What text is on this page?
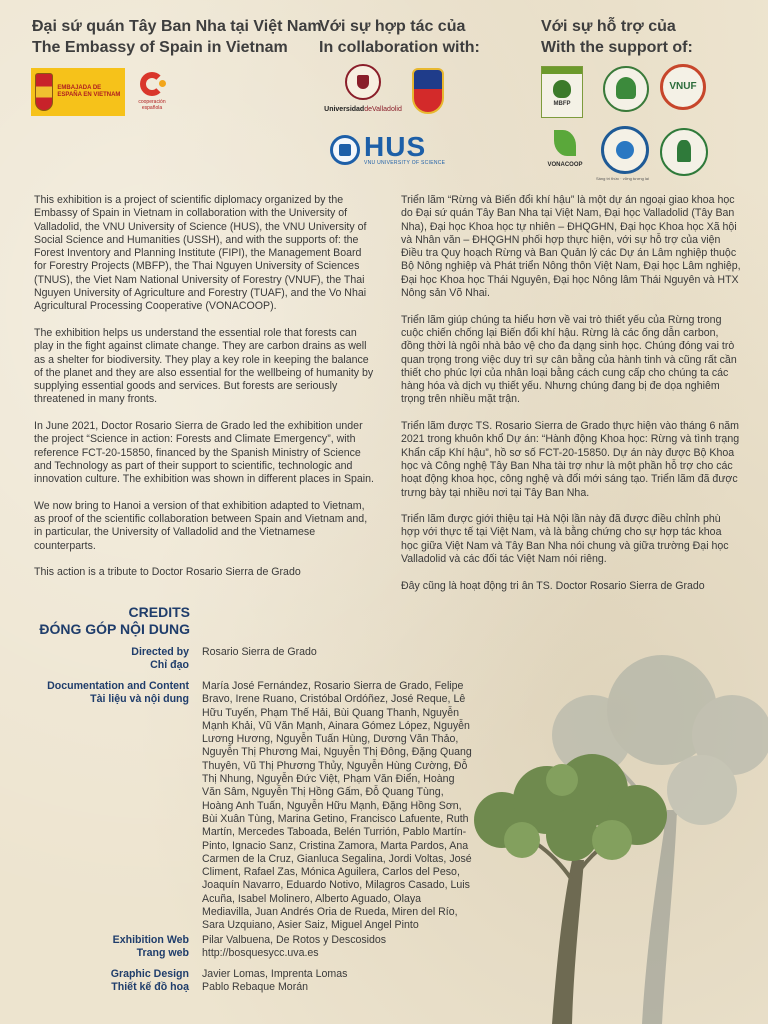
Đại sứ quán Tây Ban Nha tại Việt Nam
The Embassy of Spain in Vietnam
Với sự hợp tác của
In collaboration with:
Với sự hỗ trợ của
With the support of:
EMBAJADA DE ESPAÑA EN VIETNAM
cooperación española	UniversidaddeValladolid
HUS
VNU UNIVERSITY OF SCIENCE
MBFP
VNUF
VONACOOP
Sáng trí thức · vững tương lai

This exhibition is a project of scientific diplomacy organized by the Embassy of Spain in Vietnam in collaboration with the University of Valladolid, the VNU University of Science (HUS), the VNU University of Social Science and Humanities (USSH), and with the supports of: the Forest Inventory and Planning Institute (FIPI), the Management Board for Forestry Projects (MBFP), the Thai Nguyen University of Sciences (TNUS), the Viet Nam National University of Forestry (VNUF), the Thai Nguyen University of Agriculture and Forestry (TUAF), and the Vo Nhai Agricultural Processing Cooperative (VONACOOP).

The exhibition helps us understand the essential role that forests can play in the fight against climate change. They are carbon drains as well as a shelter for biodiversity. They play a key role in keeping the balance of the planet and they are also essential for the wellbeing of humanity by supplying essential goods and services. But forests are seriously threatened in many fronts.

In June 2021, Doctor Rosario Sierra de Grado led the exhibition under the project “Science in action: Forests and Climate Emergency”, with reference FCT-20-15850, financed by the Spanish Ministry of Science and Technology as part of their support to scientific, technologic and innovation culture. The exhibition was shown in different places in Spain.

We now bring to Hanoi a version of that exhibition adapted to Vietnam, as proof of the scientific collaboration between Spain and Vietnam and, in particular, the University of Valladolid and the Vietnamese counterparts.

This action is a tribute to Doctor Rosario Sierra de Grado

Triển lãm “Rừng và Biến đổi khí hậu” là một dự án ngoại giao khoa học do Đại sứ quán Tây Ban Nha tại Việt Nam, Đại học Valladolid (Tây Ban Nha), Đại học Khoa học tự nhiên – ĐHQGHN, Đại học Khoa học Xã hội và Nhân văn – ĐHQGHN phối hợp thực hiện, với sự hỗ trợ của viện Điều tra Quy hoạch Rừng và Ban Quản lý các Dự án Lâm nghiệp thuộc Bộ Nông nghiệp và Phát triển Nông thôn Việt Nam, Đại học Lâm nghiệp, Đại học Khoa học Thái Nguyên, Đại học Nông lâm Thái Nguyên và HTX Nông sản Võ Nhai.

Triển lãm giúp chúng ta hiểu hơn về vai trò thiết yếu của Rừng trong cuộc chiến chống lại Biến đổi khí hậu. Rừng là các ống dẫn carbon, đồng thời là ngôi nhà bảo vệ cho đa dạng sinh học. Chúng đóng vai trò quan trọng trong việc duy trì sự cân bằng của hành tinh và cũng rất cần thiết cho phúc lợi của nhân loại bằng cách cung cấp cho chúng ta các hàng hóa và dịch vụ thiết yếu. Nhưng chúng đang bị đe dọa nghiêm trọng trên nhiều mặt trận.

Triển lãm được TS. Rosario Sierra de Grado thực hiện vào tháng 6 năm 2021 trong khuôn khổ Dự án: “Hành động Khoa học: Rừng và tình trạng Khẩn cấp Khí hậu”, hồ sơ số FCT-20-15850. Dự án này được Bộ Khoa học và Công nghệ Tây Ban Nha tài trợ như là một phần hỗ trợ cho các hoạt động khoa học, công nghệ và đổi mới sáng tạo. Triển lãm đã được trưng bày tại nhiều nơi tại Tây Ban Nha.

Triển lãm được giới thiệu tại Hà Nội lần này đã được điều chỉnh phù hợp với thực tế tại Việt Nam, và là bằng chứng cho sự hợp tác khoa học giữa Việt Nam và Tây Ban Nha nói chung và giữa trường Đại học Valladolid và các đối tác Việt Nam nói riêng.

Đây cũng là hoạt động tri ân TS. Doctor Rosario Sierra de Grado

CREDITS
ĐÓNG GÓP NỘI DUNG
Directed by
Chỉ đạo
Rosario Sierra de Grado
Documentation and Content
Tài liệu và nội dung
María José Fernández, Rosario Sierra de Grado, Felipe Bravo, Irene Ruano, Cristóbal Ordóñez, José Reque, Lê Hữu Tuyến, Phạm Thế Hải, Bùi Quang Thanh, Nguyễn Mạnh Khải, Vũ Văn Mạnh, Ainara Gómez López, Nguyễn Lương Hương, Nguyễn Tuấn Hùng, Dương Văn Thảo, Nguyễn Thị Phương Mai, Nguyễn Thị Đông, Đặng Quang Thuyên, Vũ Thị Phương Thủy, Nguyễn Hùng Cường, Đỗ Thị Nhung, Nguyễn Đức Việt, Phạm Văn Điển, Hoàng Văn Sâm, Nguyễn Thị Hồng Gấm, Đỗ Quang Tùng, Hoàng Anh Tuấn, Nguyễn Hữu Mạnh, Đặng Hồng Sơn, Bùi Xuân Tùng, Marina Getino, Francisco Lafuente, Ruth Martín, Mercedes Taboada, Belén Turrión, Pablo Martín-Pinto, Ignacio Sanz, Cristina Zamora, Marta Pardos, Ana Carmen de la Cruz, Gianluca Segalina, Jordi Voltas, José Climent, Rafael Zas, Mónica Aguilera, Carlos del Peso, Joaquín Navarro, Eduardo Notivo, Milagros Casado, Luis Acuña, Isabel Molinero, Alberto Aguado, Olaya Mediavilla, Juan Andrés Oria de Rueda, Miren del Río, Sara Uzquiano, Asier Saiz, Miguel Angel Pinto
Exhibition Web
Trang web
Pilar Valbuena, De Rotos y Descosidos
http://bosquesycc.uva.es
Graphic Design
Thiết kế đồ hoạ
Javier Lomas, Imprenta Lomas
Pablo Rebaque Morán
